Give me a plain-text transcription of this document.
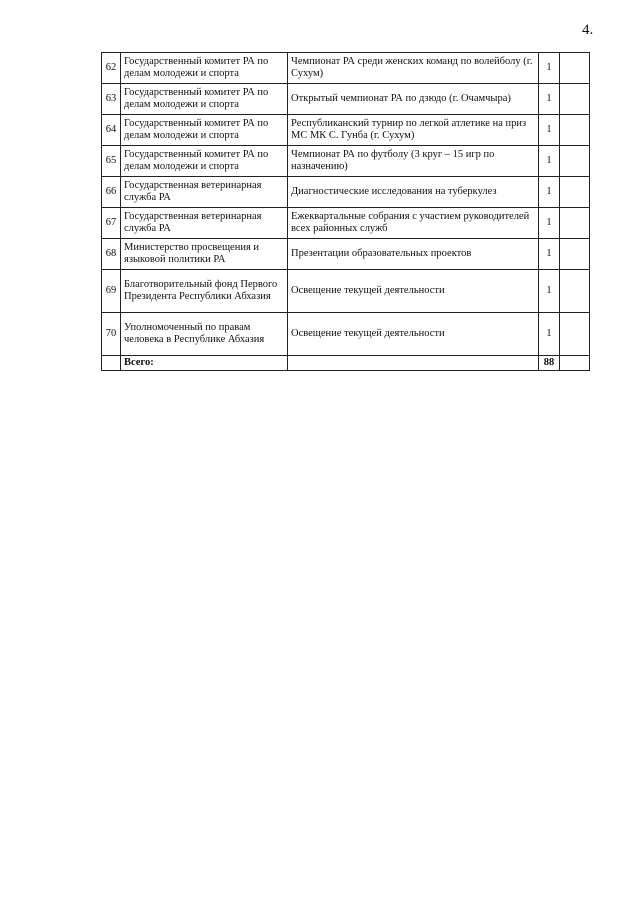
4.
62	Государственный комитет РА по делам молодежи и спорта	Чемпионат РА среди женских команд по волейболу (г. Сухум)	1	
63	Государственный комитет РА по делам молодежи и спорта	Открытый чемпионат РА по дзюдо (г. Очамчыра)	1	
64	Государственный комитет РА по делам молодежи и спорта	Республиканский турнир по легкой атлетике на приз МС МК С. Гунба (г. Сухум)	1	
65	Государственный комитет РА по делам молодежи и спорта	Чемпионат РА по футболу (3 круг – 15 игр по назначению)	1	
66	Государственная ветеринарная служба РА	Диагностические исследования на туберкулез	1	
67	Государственная ветеринарная служба РА	Ежеквартальные собрания с участием руководителей всех районных служб	1	
68	Министерство просвещения и языковой политики РА	Презентации образовательных проектов	1	
69	Благотворительный фонд Первого Президента Республики Абхазия	Освещение текущей деятельности	1	
70	Уполномоченный по правам человека в Республике Абхазия	Освещение текущей деятельности	1	
	Всего:		88	
